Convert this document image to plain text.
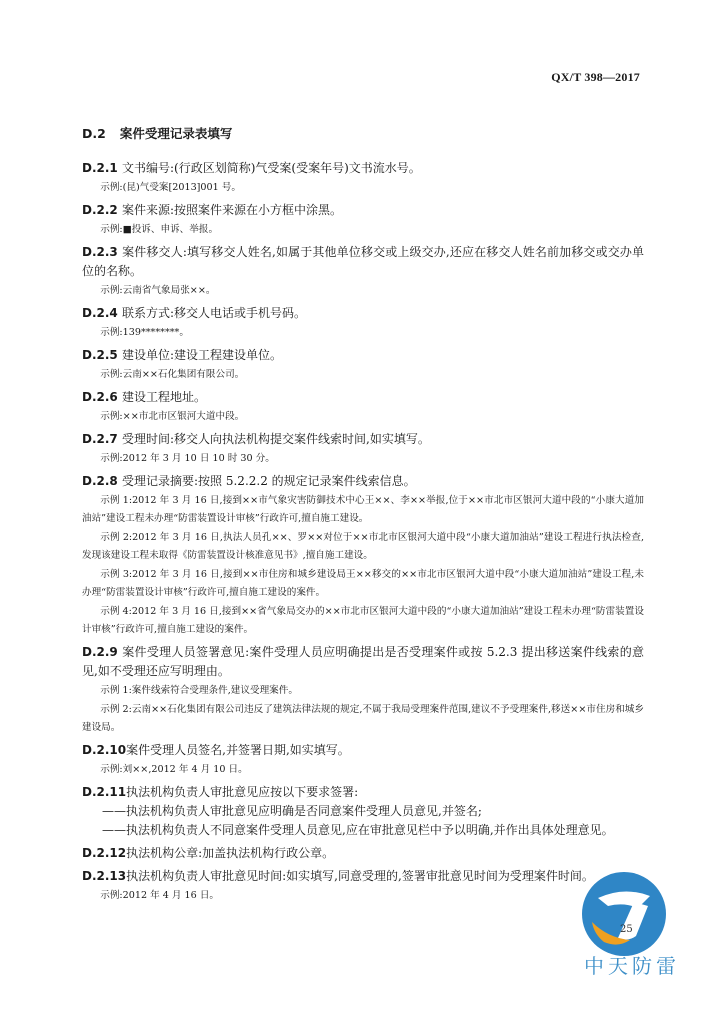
QX/T 398—2017
D.2 案件受理记录表填写
D.2.1 文书编号:(行政区划简称)气受案(受案年号)文书流水号。
示例:(昆)气受案[2013]001 号。
D.2.2 案件来源:按照案件来源在小方框中涂黑。
示例:■投诉、申诉、举报。
D.2.3 案件移交人:填写移交人姓名,如属于其他单位移交或上级交办,还应在移交人姓名前加移交或交办单位的名称。
示例:云南省气象局张××。
D.2.4 联系方式:移交人电话或手机号码。
示例:139********。
D.2.5 建设单位:建设工程建设单位。
示例:云南××石化集团有限公司。
D.2.6 建设工程地址。
示例:××市北市区银河大道中段。
D.2.7 受理时间:移交人向执法机构提交案件线索时间,如实填写。
示例:2012 年 3 月 10 日 10 时 30 分。
D.2.8 受理记录摘要:按照 5.2.2.2 的规定记录案件线索信息。
示例 1:2012 年 3 月 16 日,接到××市气象灾害防御技术中心王××、李××举报,位于××市北市区银河大道中段的“小康大道加油站”建设工程未办理“防雷装置设计审核”行政许可,擅自施工建设。
示例 2:2012 年 3 月 16 日,执法人员孔××、罗××对位于××市北市区银河大道中段“小康大道加油站”建设工程进行执法检查,发现该建设工程未取得《防雷装置设计核准意见书》,擅自施工建设。
示例 3:2012 年 3 月 16 日,接到××市住房和城乡建设局王××移交的××市北市区银河大道中段“小康大道加油站”建设工程,未办理“防雷装置设计审核”行政许可,擅自施工建设的案件。
示例 4:2012 年 3 月 16 日,接到××省气象局交办的××市北市区银河大道中段的“小康大道加油站”建设工程未办理“防雷装置设计审核”行政许可,擅自施工建设的案件。
D.2.9 案件受理人员签署意见:案件受理人员应明确提出是否受理案件或按 5.2.3 提出移送案件线索的意见,如不受理还应写明理由。
示例 1:案件线索符合受理条件,建议受理案件。
示例 2:云南××石化集团有限公司违反了建筑法律法规的规定,不属于我局受理案件范围,建议不予受理案件,移送××市住房和城乡建设局。
D.2.10案件受理人员签名,并签署日期,如实填写。
示例:刘××,2012 年 4 月 10 日。
D.2.11执法机构负责人审批意见应按以下要求签署:
——执法机构负责人审批意见应明确是否同意案件受理人员意见,并签名;
——执法机构负责人不同意案件受理人员意见,应在审批意见栏中予以明确,并作出具体处理意见。
D.2.12执法机构公章:加盖执法机构行政公章。
D.2.13执法机构负责人审批意见时间:如实填写,同意受理的,签署审批意见时间为受理案件时间。
示例:2012 年 4 月 16 日。
25
中天防雷
